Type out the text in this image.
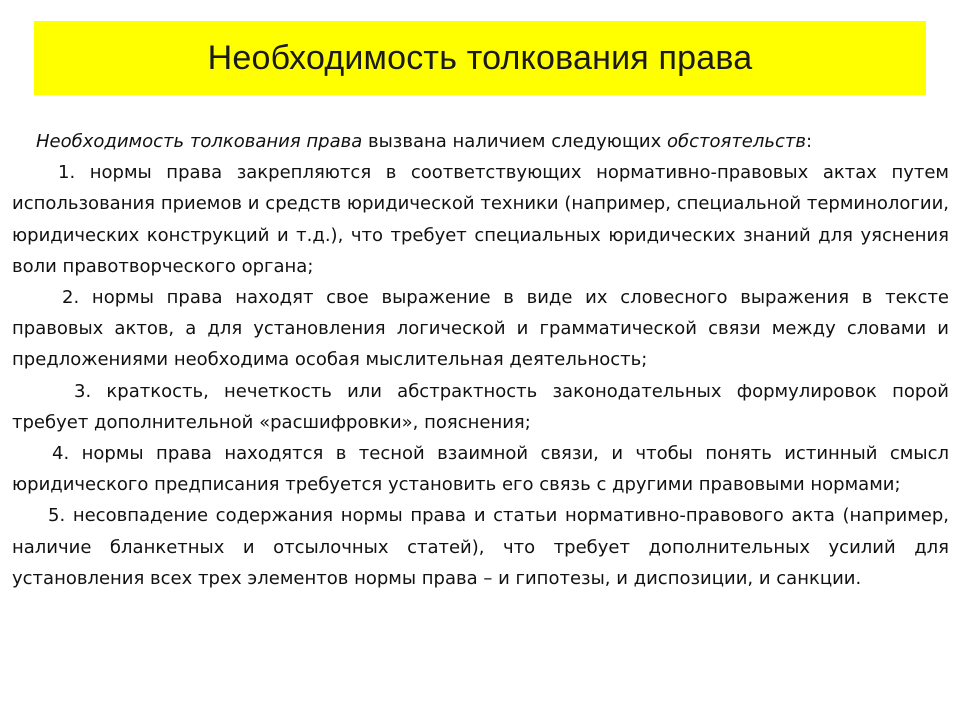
Необходимость толкования права

Необходимость толкования права вызвана наличием следующих обстоятельств:

1. нормы права закрепляются в соответствующих нормативно-правовых актах путем использования приемов и средств юридической техники (например, специальной терминологии, юридических конструкций и т.д.), что требует специальных юридических знаний для уяснения воли правотворческого органа;

2. нормы права находят свое выражение в виде их словесного выражения в тексте правовых актов, а для установления логической и грамматической связи между словами и предложениями необходима особая мыслительная деятельность;

3. краткость, нечеткость или абстрактность законодательных формулировок порой требует дополнительной «расшифровки», пояснения;

4. нормы права находятся в тесной взаимной связи, и чтобы понять истинный смысл юридического предписания требуется установить его связь с другими правовыми нормами;

5. несовпадение содержания нормы права и статьи нормативно-правового акта (например, наличие бланкетных и отсылочных статей), что требует дополнительных усилий для установления всех трех элементов нормы права – и гипотезы, и диспозиции, и санкции.
